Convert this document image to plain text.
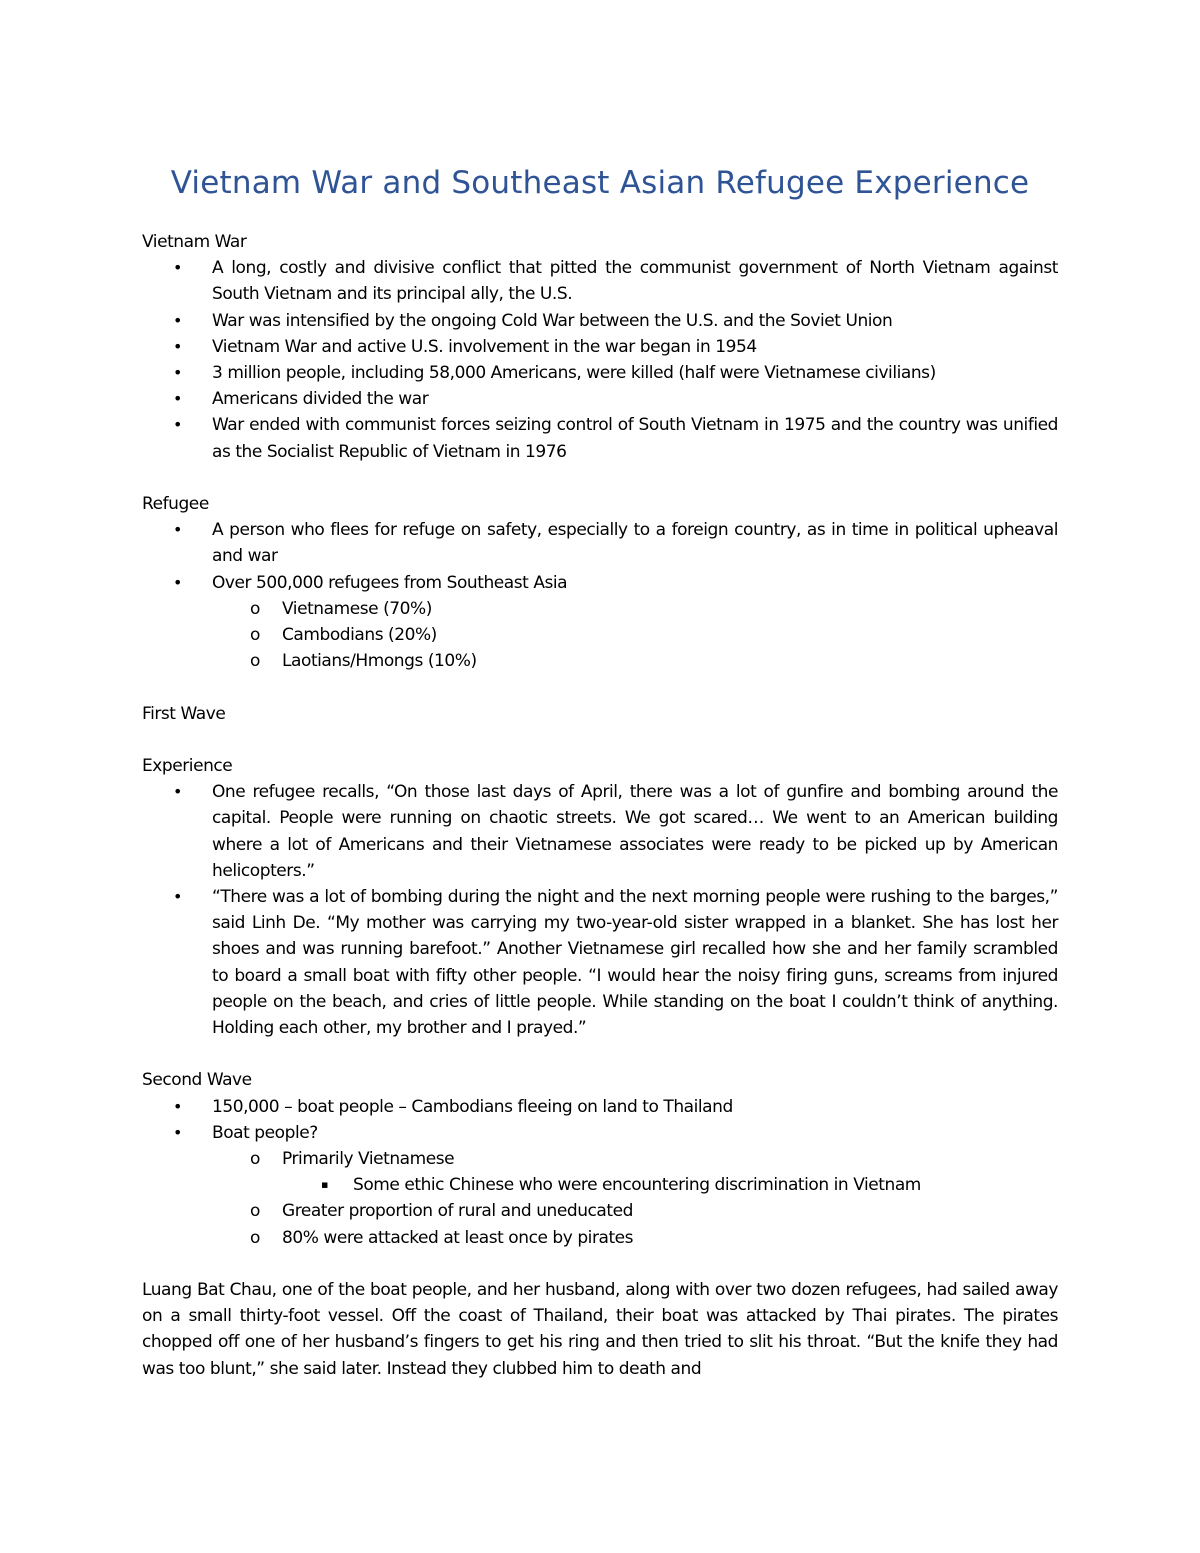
Vietnam War and Southeast Asian Refugee Experience

Vietnam War

• A long, costly and divisive conflict that pitted the communist government of North Vietnam against South Vietnam and its principal ally, the U.S.
• War was intensified by the ongoing Cold War between the U.S. and the Soviet Union
• Vietnam War and active U.S. involvement in the war began in 1954
• 3 million people, including 58,000 Americans, were killed (half were Vietnamese civilians)
• Americans divided the war
• War ended with communist forces seizing control of South Vietnam in 1975 and the country was unified as the Socialist Republic of Vietnam in 1976

Refugee

• A person who flees for refuge on safety, especially to a foreign country, as in time in political upheaval and war
• Over 500,000 refugees from Southeast Asia
o Vietnamese (70%)
o Cambodians (20%)
o Laotians/Hmongs (10%)

First Wave

Experience

• One refugee recalls, “On those last days of April, there was a lot of gunfire and bombing around the capital. People were running on chaotic streets. We got scared… We went to an American building where a lot of Americans and their Vietnamese associates were ready to be picked up by American helicopters.”
• “There was a lot of bombing during the night and the next morning people were rushing to the barges,” said Linh De. “My mother was carrying my two-year-old sister wrapped in a blanket. She has lost her shoes and was running barefoot.” Another Vietnamese girl recalled how she and her family scrambled to board a small boat with fifty other people. “I would hear the noisy firing guns, screams from injured people on the beach, and cries of little people. While standing on the boat I couldn’t think of anything. Holding each other, my brother and I prayed.”

Second Wave

• 150,000 – boat people – Cambodians fleeing on land to Thailand
• Boat people?
o Primarily Vietnamese
▪ Some ethic Chinese who were encountering discrimination in Vietnam
o Greater proportion of rural and uneducated
o 80% were attacked at least once by pirates

Luang Bat Chau, one of the boat people, and her husband, along with over two dozen refugees, had sailed away on a small thirty-foot vessel. Off the coast of Thailand, their boat was attacked by Thai pirates. The pirates chopped off one of her husband’s fingers to get his ring and then tried to slit his throat. “But the knife they had was too blunt,” she said later. Instead they clubbed him to death and
